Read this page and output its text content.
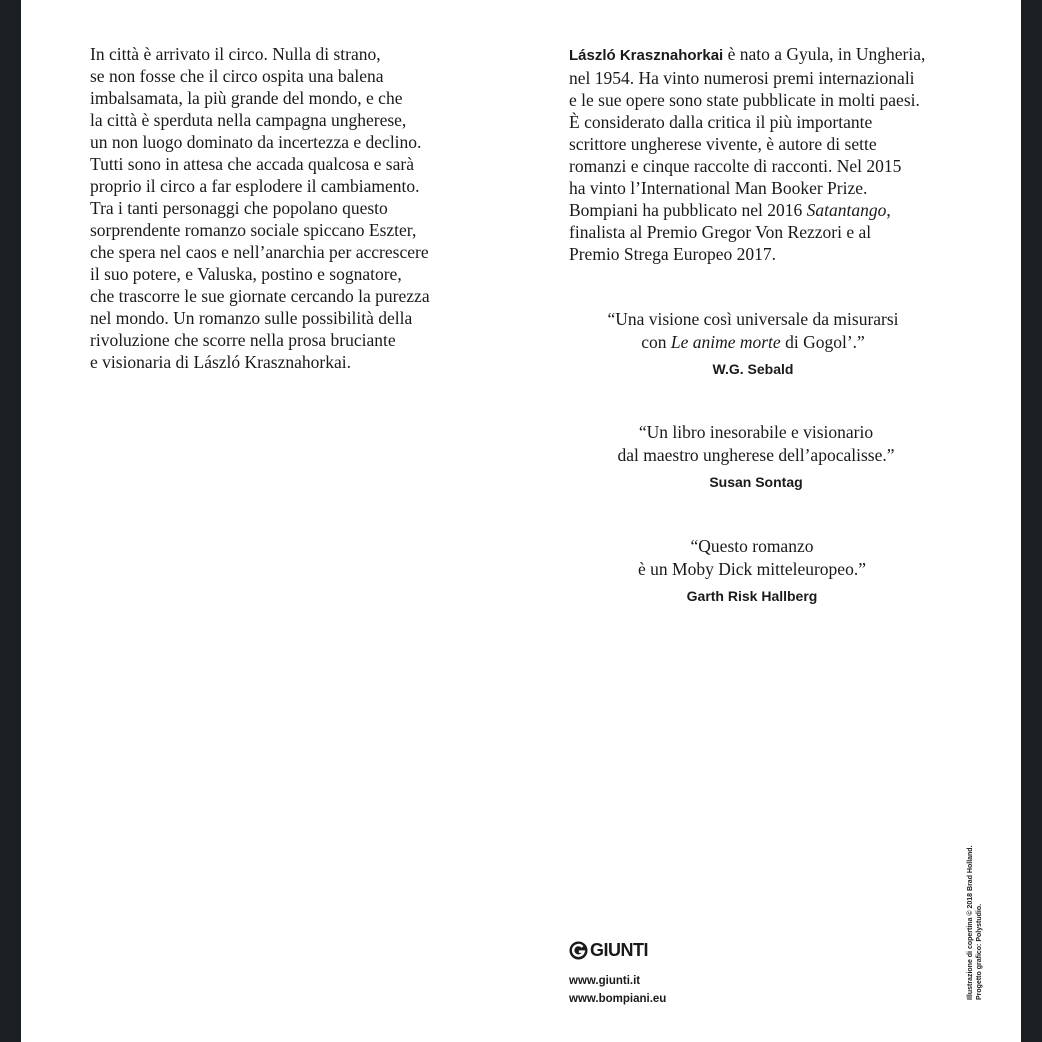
In città è arrivato il circo. Nulla di strano,
se non fosse che il circo ospita una balena
imbalsamata, la più grande del mondo, e che
la città è sperduta nella campagna ungherese,
un non luogo dominato da incertezza e declino.
Tutti sono in attesa che accada qualcosa e sarà
proprio il circo a far esplodere il cambiamento.
Tra i tanti personaggi che popolano questo
sorprendente romanzo sociale spiccano Eszter,
che spera nel caos e nell’anarchia per accrescere
il suo potere, e Valuska, postino e sognatore,
che trascorre le sue giornate cercando la purezza
nel mondo. Un romanzo sulle possibilità della
rivoluzione che scorre nella prosa bruciante
e visionaria di László Krasznahorkai.

László Krasznahorkai è nato a Gyula, in Ungheria,
nel 1954. Ha vinto numerosi premi internazionali
e le sue opere sono state pubblicate in molti paesi.
È considerato dalla critica il più importante
scrittore ungherese vivente, è autore di sette
romanzi e cinque raccolte di racconti. Nel 2015
ha vinto l’International Man Booker Prize.
Bompiani ha pubblicato nel 2016 Satantango,
finalista al Premio Gregor Von Rezzori e al
Premio Strega Europeo 2017.

“Una visione così universale da misurarsi
con Le anime morte di Gogol’.”
W.G. Sebald
“Un libro inesorabile e visionario
dal maestro ungherese dell’apocalisse.”
Susan Sontag
“Questo romanzo
è un Moby Dick mitteleuropeo.”
Garth Risk Hallberg
GIUNTI
www.giunti.it
www.bompiani.eu	Illustrazione di copertina © 2018 Brad Holland. Progetto grafico: Polystudio.
